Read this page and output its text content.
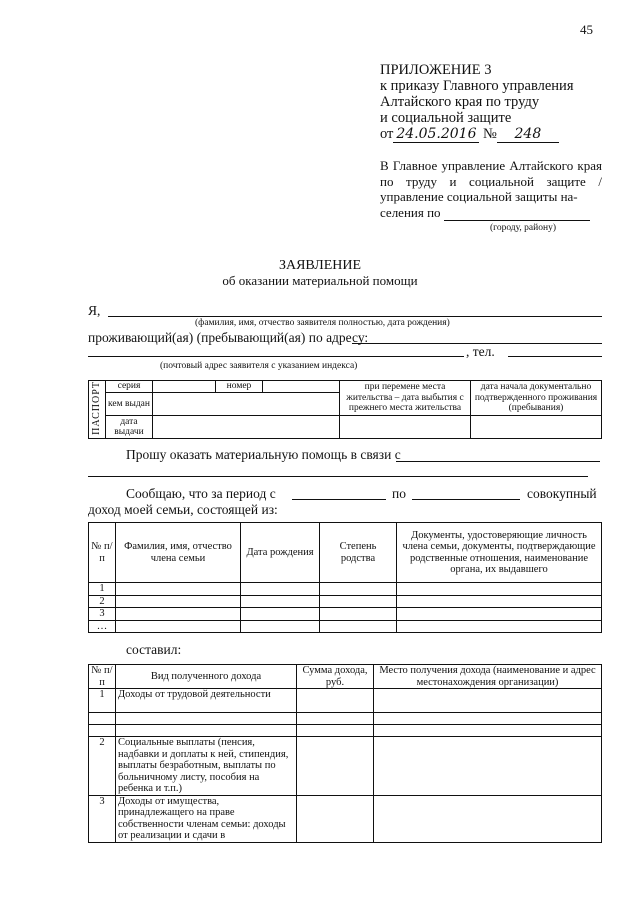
45
ПРИЛОЖЕНИЕ 3
к приказу Главного управления
Алтайского края по труду
и социальной защите
от 24.05.2016 № 248
В Главное управление Алтайского края по труду и социальной защите / управление социальной защиты на-
селения по
(городу, району)
ЗАЯВЛЕНИЕ
об оказании материальной помощи
Я,
(фамилия, имя, отчество заявителя полностью, дата рождения)
проживающий(ая) (пребывающий(ая) по адресу:
, тел.
(почтовый адрес заявителя с указанием индекса)
ПАСПОРТ	серия		номер		при перемене места жительства – дата выбытия с прежнего места жительства	дата начала документально подтвержденного проживания (пребывания)
	кем выдан					
	дата выдачи					
Прошу оказать материальную помощь в связи с
Сообщаю, что за период с	по	совокупный
доход моей семьи, состоящей из:
№ п/п	Фамилия, имя, отчество члена семьи	Дата рождения	Степень родства	Документы, удостоверяющие личность члена семьи, документы, подтверждающие родственные отношения, наименование органа, их выдавшего
1				
2				
3				
…				
составил:
№ п/п	Вид полученного дохода	Сумма дохода, руб.	Место получения дохода (наименование и адрес местонахождения организации)
1	Доходы от трудовой деятельности		

2	Социальные выплаты (пенсия, надбавки и доплаты к ней, стипендия, выплаты безработным, выплаты по больничному листу, пособия на ребенка и т.п.)		
3	Доходы от имущества, принадлежащего на праве собственности членам семьи: доходы от реализации и сдачи в		
